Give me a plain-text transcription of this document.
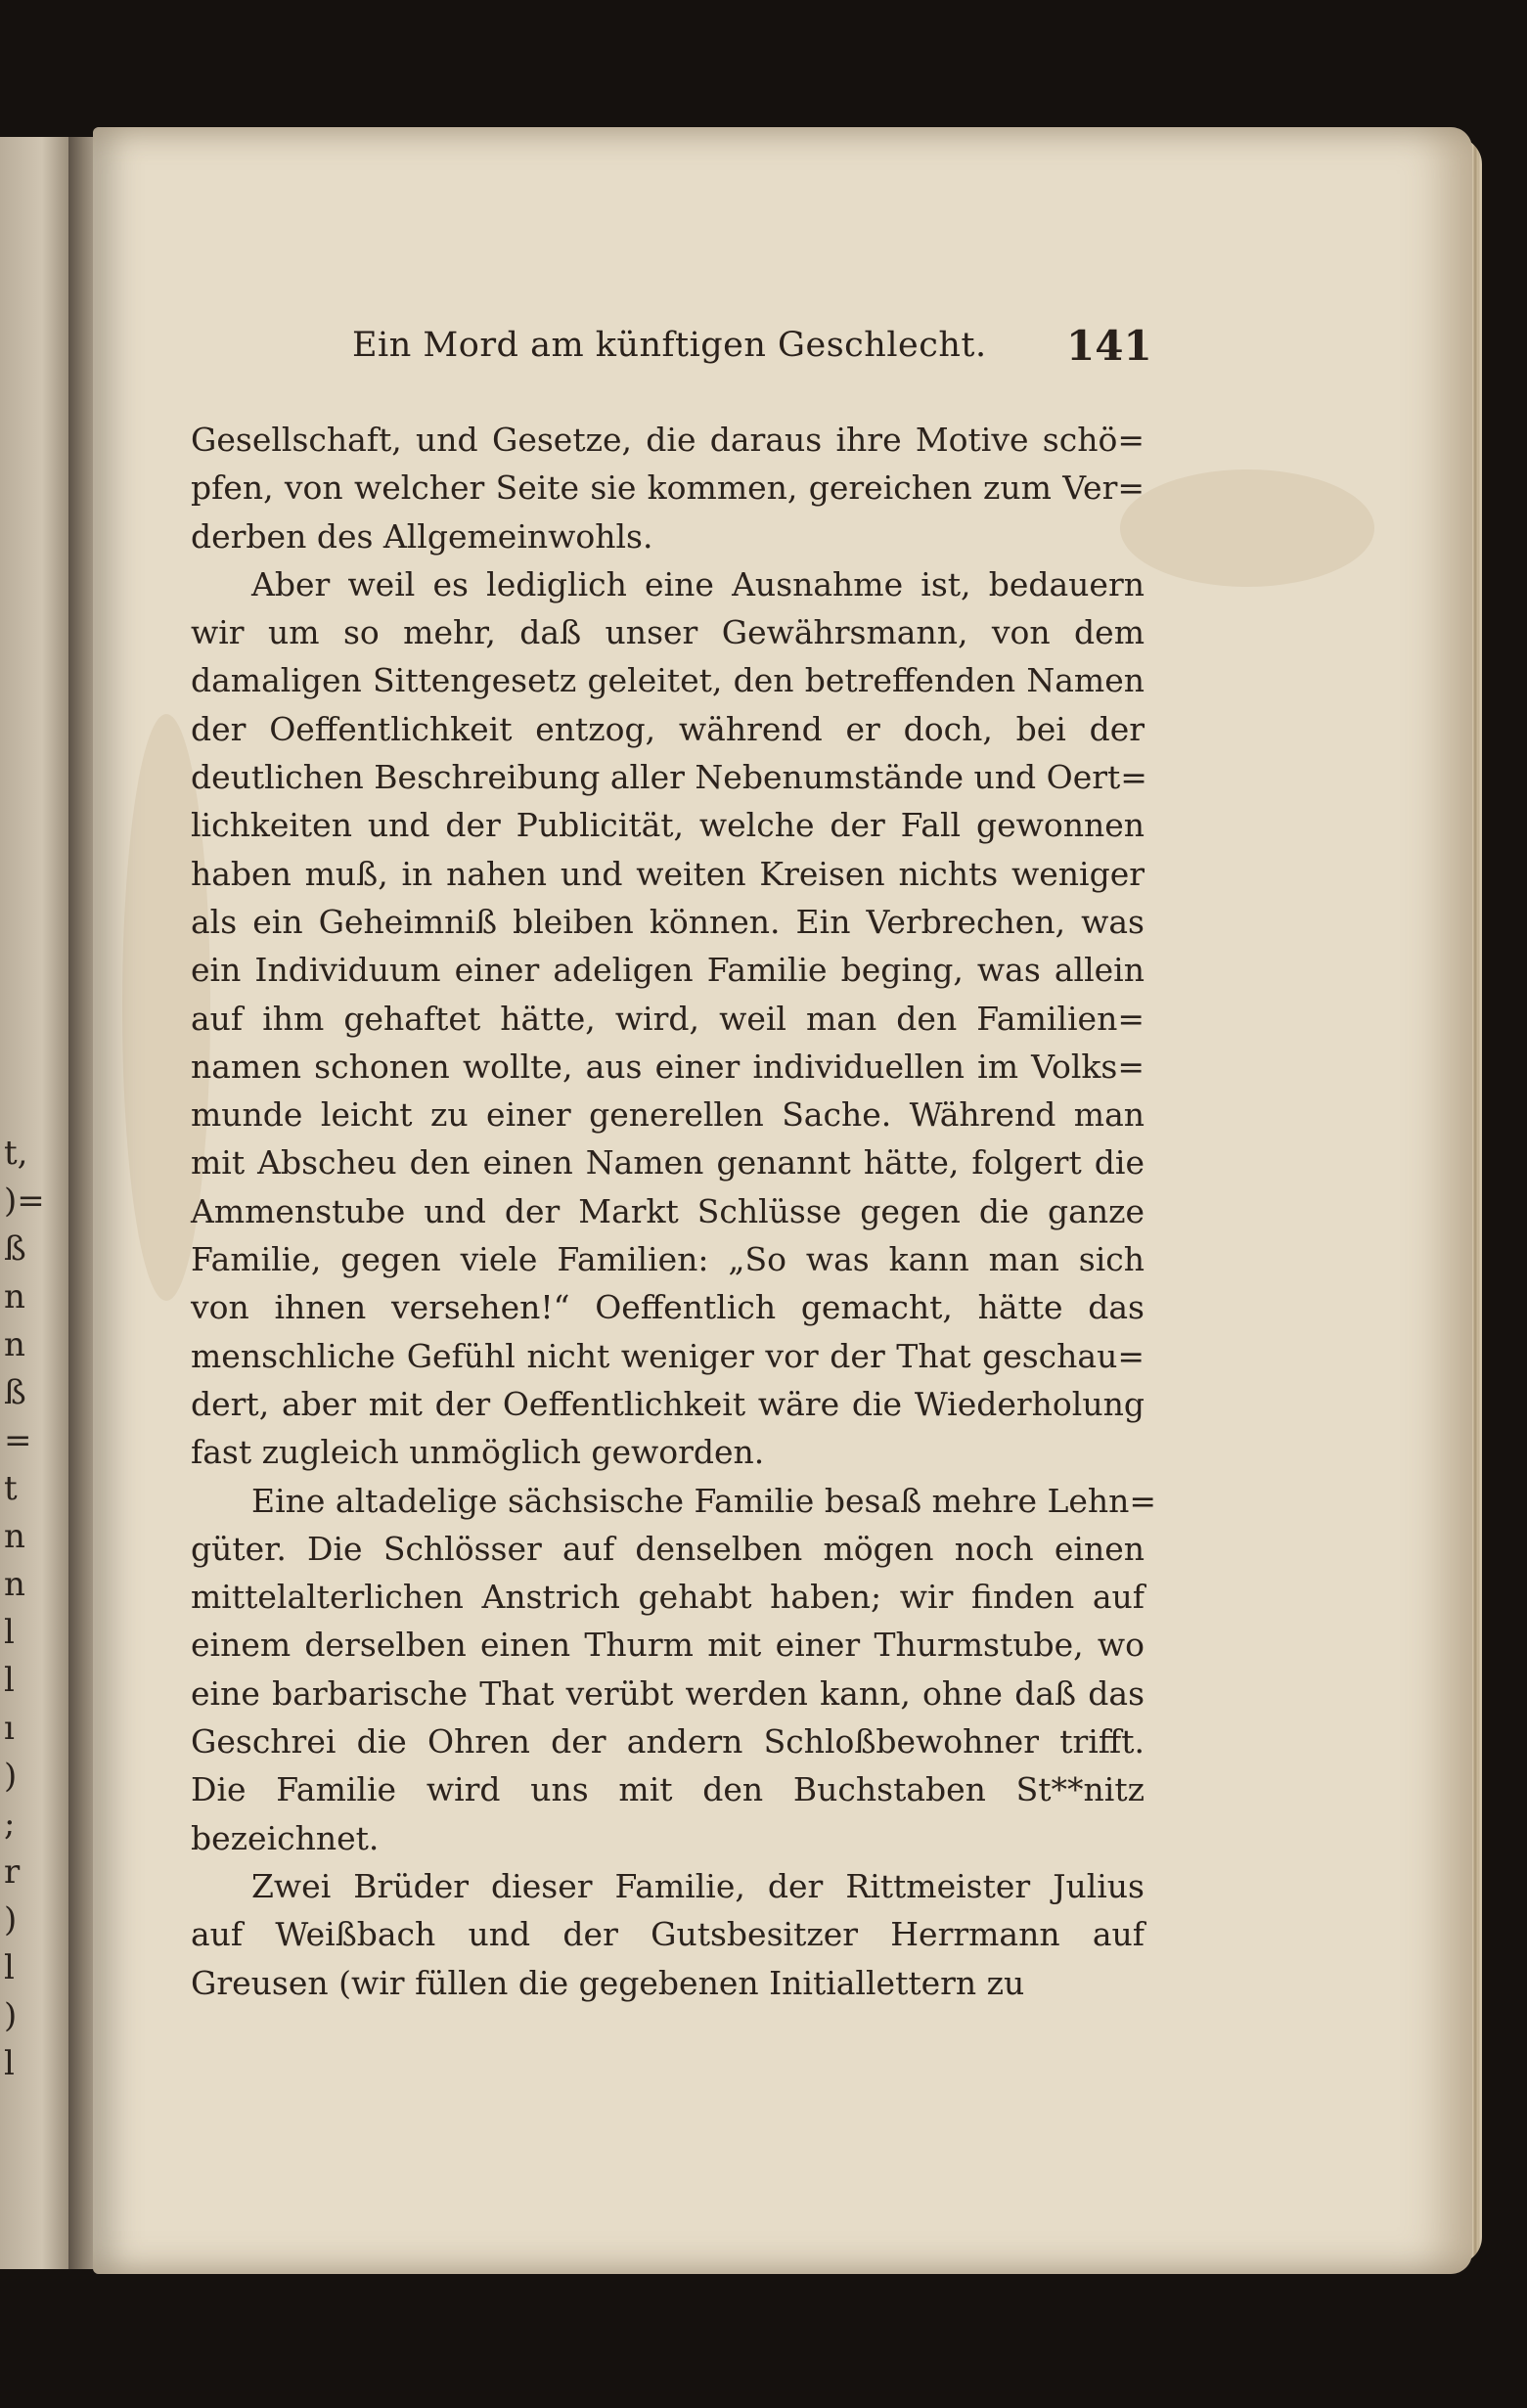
t,
)=
ß
n
n
ß
=
t
n
n
l
l
ı
)
;
r
)
l
)
l
Ein Mord am künftigen Geschlecht. 141
Gesellschaft, und Gesetze, die daraus ihre Motive schö=
pfen, von welcher Seite sie kommen, gereichen zum Ver=
derben des Allgemeinwohls.
Aber weil es lediglich eine Ausnahme ist, bedauern
wir um so mehr, daß unser Gewährsmann, von dem
damaligen Sittengesetz geleitet, den betreffenden Namen
der Oeffentlichkeit entzog, während er doch, bei der
deutlichen Beschreibung aller Nebenumstände und Oert=
lichkeiten und der Publicität, welche der Fall gewonnen
haben muß, in nahen und weiten Kreisen nichts weniger
als ein Geheimniß bleiben können. Ein Verbrechen, was
ein Individuum einer adeligen Familie beging, was allein
auf ihm gehaftet hätte, wird, weil man den Familien=
namen schonen wollte, aus einer individuellen im Volks=
munde leicht zu einer generellen Sache. Während man
mit Abscheu den einen Namen genannt hätte, folgert die
Ammenstube und der Markt Schlüsse gegen die ganze
Familie, gegen viele Familien: „So was kann man sich
von ihnen versehen!“ Oeffentlich gemacht, hätte das
menschliche Gefühl nicht weniger vor der That geschau=
dert, aber mit der Oeffentlichkeit wäre die Wiederholung
fast zugleich unmöglich geworden.
Eine altadelige sächsische Familie besaß mehre Lehn=
güter. Die Schlösser auf denselben mögen noch einen
mittelalterlichen Anstrich gehabt haben; wir finden auf
einem derselben einen Thurm mit einer Thurmstube, wo
eine barbarische That verübt werden kann, ohne daß das
Geschrei die Ohren der andern Schloßbewohner trifft.
Die Familie wird uns mit den Buchstaben St**nitz
bezeichnet.
Zwei Brüder dieser Familie, der Rittmeister Julius
auf Weißbach und der Gutsbesitzer Herrmann auf
Greusen (wir füllen die gegebenen Initiallettern zu
